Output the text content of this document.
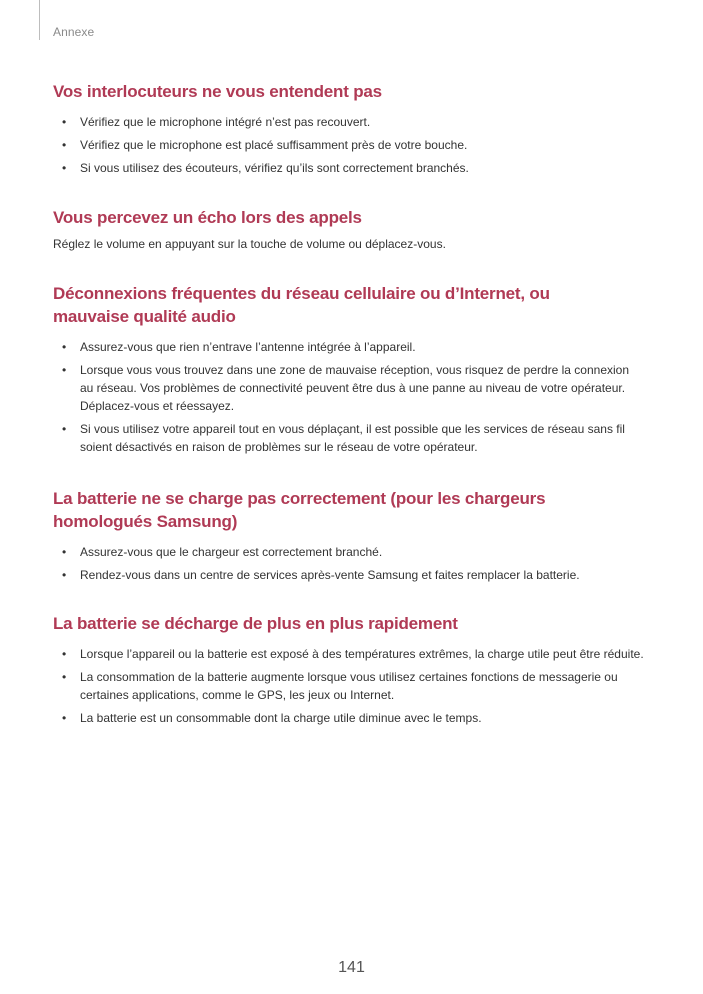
Annexe
Vos interlocuteurs ne vous entendent pas
• Vérifiez que le microphone intégré n’est pas recouvert.
• Vérifiez que le microphone est placé suffisamment près de votre bouche.
• Si vous utilisez des écouteurs, vérifiez qu’ils sont correctement branchés.
Vous percevez un écho lors des appels

Réglez le volume en appuyant sur la touche de volume ou déplacez-vous.

Déconnexions fréquentes du réseau cellulaire ou d’Internet, ou mauvaise qualité audio
• Assurez-vous que rien n’entrave l’antenne intégrée à l’appareil.
• Lorsque vous vous trouvez dans une zone de mauvaise réception, vous risquez de perdre la connexion au réseau. Vos problèmes de connectivité peuvent être dus à une panne au niveau de votre opérateur. Déplacez-vous et réessayez.
• Si vous utilisez votre appareil tout en vous déplaçant, il est possible que les services de réseau sans fil soient désactivés en raison de problèmes sur le réseau de votre opérateur.
La batterie ne se charge pas correctement (pour les chargeurs homologués Samsung)
• Assurez-vous que le chargeur est correctement branché.
• Rendez-vous dans un centre de services après-vente Samsung et faites remplacer la batterie.
La batterie se décharge de plus en plus rapidement
• Lorsque l’appareil ou la batterie est exposé à des températures extrêmes, la charge utile peut être réduite.
• La consommation de la batterie augmente lorsque vous utilisez certaines fonctions de messagerie ou certaines applications, comme le GPS, les jeux ou Internet.
• La batterie est un consommable dont la charge utile diminue avec le temps.
141
